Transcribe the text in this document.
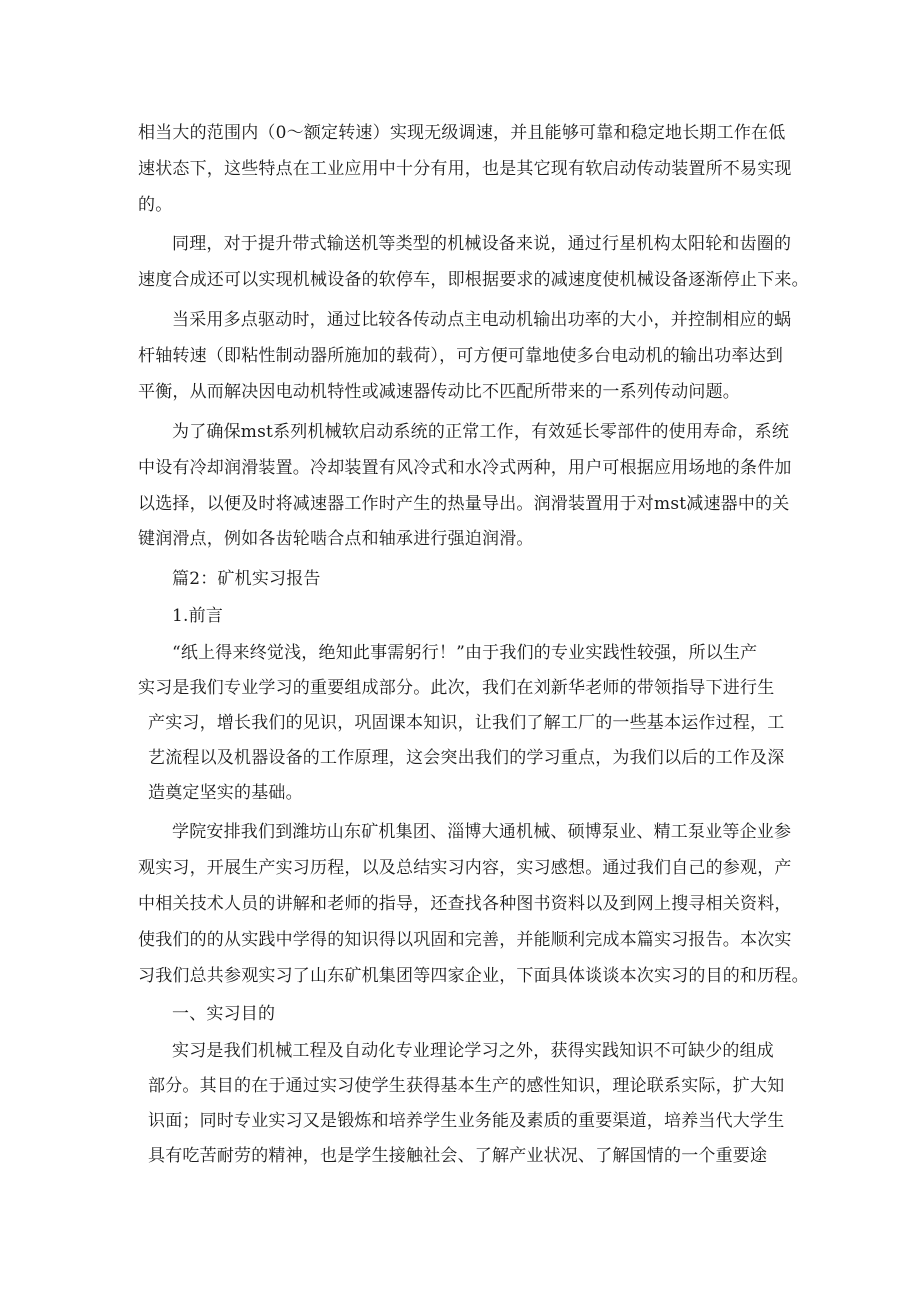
相当大的范围内（0～额定转速）实现无级调速，并且能够可靠和稳定地长期工作在低
速状态下，这些特点在工业应用中十分有用，也是其它现有软启动传动装置所不易实现
的。
同理，对于提升带式输送机等类型的机械设备来说，通过行星机构太阳轮和齿圈的
速度合成还可以实现机械设备的软停车，即根据要求的减速度使机械设备逐渐停止下来。
当采用多点驱动时，通过比较各传动点主电动机输出功率的大小，并控制相应的蜗
杆轴转速（即粘性制动器所施加的载荷），可方便可靠地使多台电动机的输出功率达到
平衡，从而解决因电动机特性或减速器传动比不匹配所带来的一系列传动问题。
为了确保mst系列机械软启动系统的正常工作，有效延长零部件的使用寿命，系统
中设有冷却润滑装置。冷却装置有风冷式和水冷式两种，用户可根据应用场地的条件加
以选择，以便及时将减速器工作时产生的热量导出。润滑装置用于对mst减速器中的关
键润滑点，例如各齿轮啮合点和轴承进行强迫润滑。
篇2：矿机实习报告
1.前言
“纸上得来终觉浅，绝知此事需躬行！”由于我们的专业实践性较强，所以生产
实习是我们专业学习的重要组成部分。此次，我们在刘新华老师的带领指导下进行生
产实习，增长我们的见识，巩固课本知识，让我们了解工厂的一些基本运作过程，工
艺流程以及机器设备的工作原理，这会突出我们的学习重点，为我们以后的工作及深
造奠定坚实的基础。
学院安排我们到潍坊山东矿机集团、淄博大通机械、硕博泵业、精工泵业等企业参
观实习，开展生产实习历程，以及总结实习内容，实习感想。通过我们自己的参观，产
中相关技术人员的讲解和老师的指导，还查找各种图书资料以及到网上搜寻相关资料，
使我们的的从实践中学得的知识得以巩固和完善，并能顺利完成本篇实习报告。本次实
习我们总共参观实习了山东矿机集团等四家企业，下面具体谈谈本次实习的目的和历程。
一、实习目的
实习是我们机械工程及自动化专业理论学习之外，获得实践知识不可缺少的组成
部分。其目的在于通过实习使学生获得基本生产的感性知识，理论联系实际，扩大知
识面；同时专业实习又是锻炼和培养学生业务能及素质的重要渠道，培养当代大学生
具有吃苦耐劳的精神，也是学生接触社会、了解产业状况、了解国情的一个重要途
